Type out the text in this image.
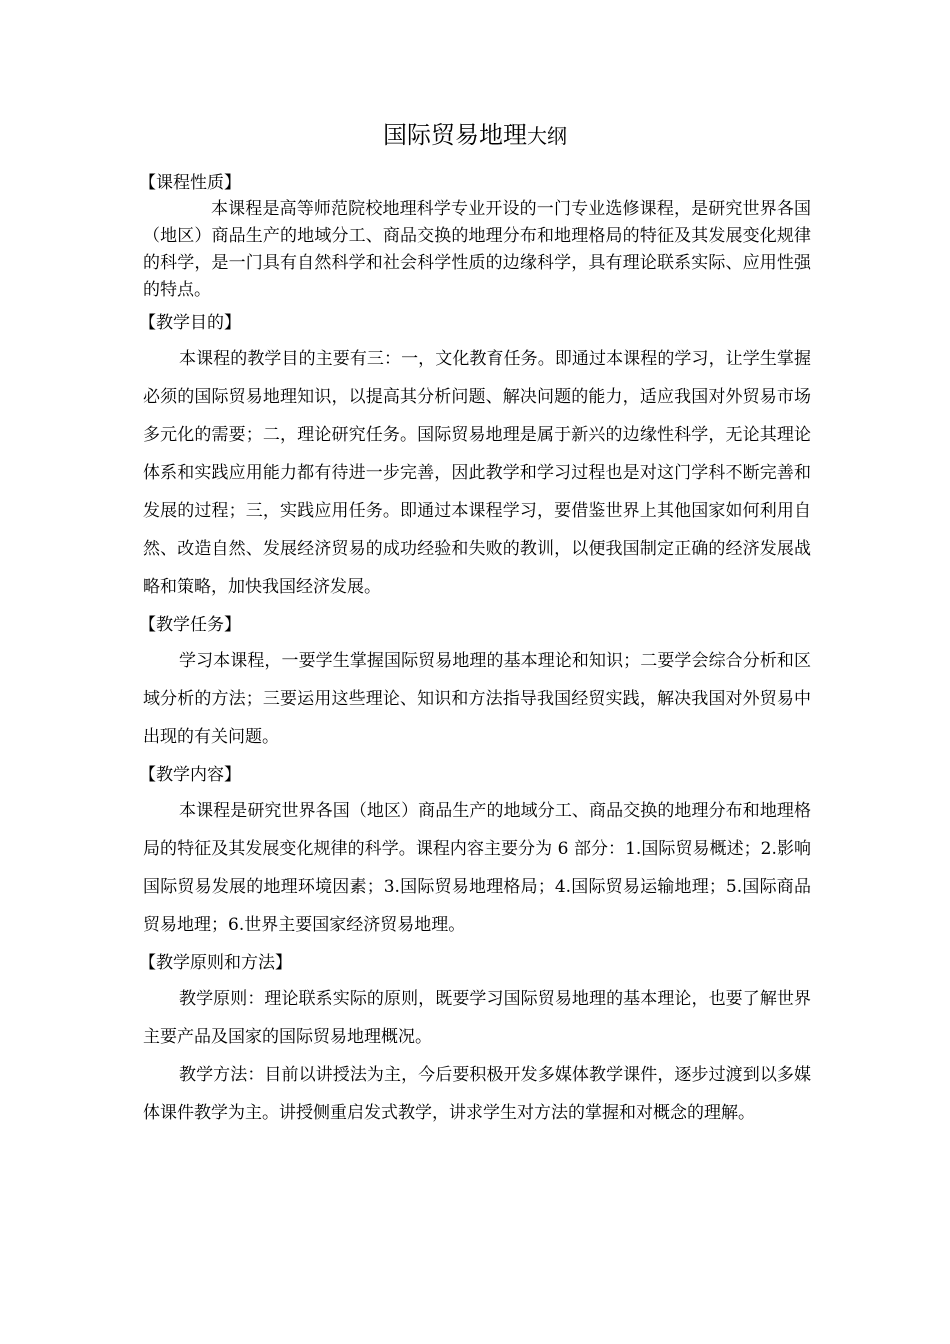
国际贸易地理大纲
【课程性质】

本课程是高等师范院校地理科学专业开设的一门专业选修课程，是研究世界各国（地区）商品生产的地域分工、商品交换的地理分布和地理格局的特征及其发展变化规律的科学，是一门具有自然科学和社会科学性质的边缘科学，具有理论联系实际、应用性强的特点。

【教学目的】

本课程的教学目的主要有三：一，文化教育任务。即通过本课程的学习，让学生掌握必须的国际贸易地理知识，以提高其分析问题、解决问题的能力，适应我国对外贸易市场多元化的需要；二，理论研究任务。国际贸易地理是属于新兴的边缘性科学，无论其理论体系和实践应用能力都有待进一步完善，因此教学和学习过程也是对这门学科不断完善和发展的过程；三，实践应用任务。即通过本课程学习，要借鉴世界上其他国家如何利用自然、改造自然、发展经济贸易的成功经验和失败的教训，以便我国制定正确的经济发展战略和策略，加快我国经济发展。

【教学任务】

学习本课程，一要学生掌握国际贸易地理的基本理论和知识；二要学会综合分析和区域分析的方法；三要运用这些理论、知识和方法指导我国经贸实践，解决我国对外贸易中出现的有关问题。

【教学内容】

本课程是研究世界各国（地区）商品生产的地域分工、商品交换的地理分布和地理格局的特征及其发展变化规律的科学。课程内容主要分为 6 部分：1.国际贸易概述；2.影响国际贸易发展的地理环境因素；3.国际贸易地理格局；4.国际贸易运输地理；5.国际商品贸易地理；6.世界主要国家经济贸易地理。

【教学原则和方法】

教学原则：理论联系实际的原则，既要学习国际贸易地理的基本理论，也要了解世界主要产品及国家的国际贸易地理概况。

教学方法：目前以讲授法为主，今后要积极开发多媒体教学课件，逐步过渡到以多媒体课件教学为主。讲授侧重启发式教学，讲求学生对方法的掌握和对概念的理解。
